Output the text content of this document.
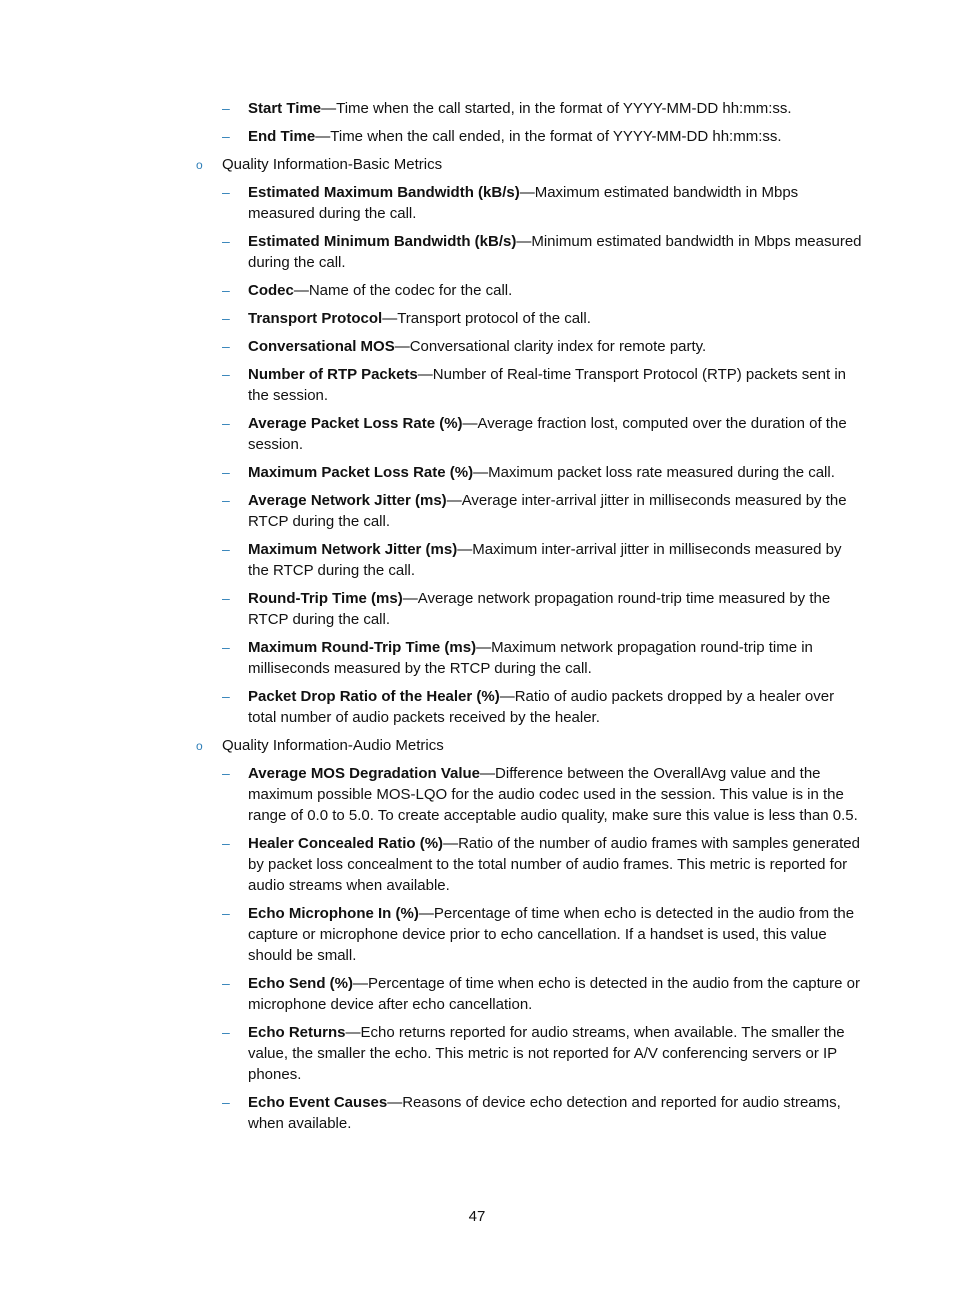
– Start Time—Time when the call started, in the format of YYYY-MM-DD hh:mm:ss.
– End Time—Time when the call ended, in the format of YYYY-MM-DD hh:mm:ss.
o Quality Information-Basic Metrics
– Estimated Maximum Bandwidth (kB/s)—Maximum estimated bandwidth in Mbps measured during the call.
– Estimated Minimum Bandwidth (kB/s)—Minimum estimated bandwidth in Mbps measured during the call.
– Codec—Name of the codec for the call.
– Transport Protocol—Transport protocol of the call.
– Conversational MOS—Conversational clarity index for remote party.
– Number of RTP Packets—Number of Real-time Transport Protocol (RTP) packets sent in the session.
– Average Packet Loss Rate (%)—Average fraction lost, computed over the duration of the session.
– Maximum Packet Loss Rate (%)—Maximum packet loss rate measured during the call.
– Average Network Jitter (ms)—Average inter-arrival jitter in milliseconds measured by the RTCP during the call.
– Maximum Network Jitter (ms)—Maximum inter-arrival jitter in milliseconds measured by the RTCP during the call.
– Round-Trip Time (ms)—Average network propagation round-trip time measured by the RTCP during the call.
– Maximum Round-Trip Time (ms)—Maximum network propagation round-trip time in milliseconds measured by the RTCP during the call.
– Packet Drop Ratio of the Healer (%)—Ratio of audio packets dropped by a healer over total number of audio packets received by the healer.
o Quality Information-Audio Metrics
– Average MOS Degradation Value—Difference between the OverallAvg value and the maximum possible MOS-LQO for the audio codec used in the session. This value is in the range of 0.0 to 5.0. To create acceptable audio quality, make sure this value is less than 0.5.
– Healer Concealed Ratio (%)—Ratio of the number of audio frames with samples generated by packet loss concealment to the total number of audio frames. This metric is reported for audio streams when available.
– Echo Microphone In (%)—Percentage of time when echo is detected in the audio from the capture or microphone device prior to echo cancellation. If a handset is used, this value should be small.
– Echo Send (%)—Percentage of time when echo is detected in the audio from the capture or microphone device after echo cancellation.
– Echo Returns—Echo returns reported for audio streams, when available. The smaller the value, the smaller the echo. This metric is not reported for A/V conferencing servers or IP phones.
– Echo Event Causes—Reasons of device echo detection and reported for audio streams, when available.
47
